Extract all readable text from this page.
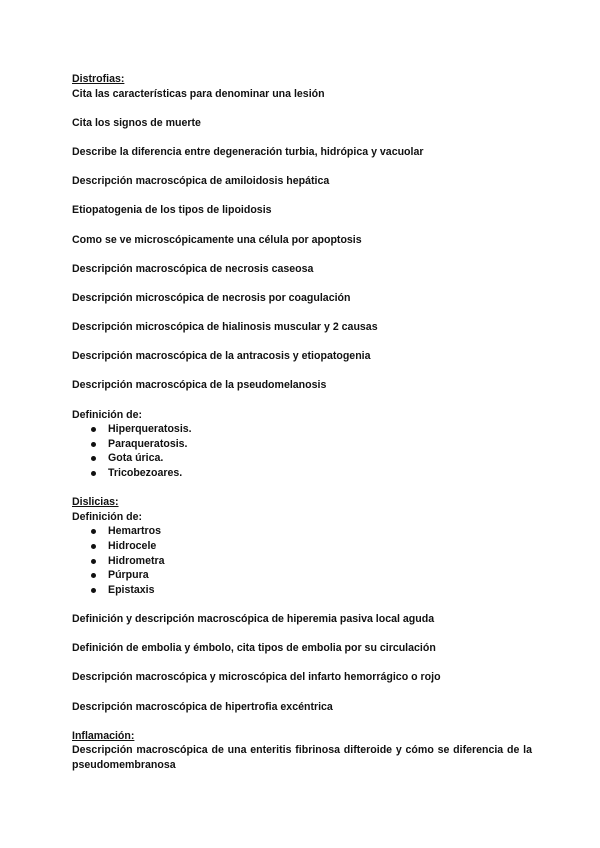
Distrofias:

Cita las características para denominar una lesión

Cita los signos de muerte

Describe la diferencia entre degeneración turbia, hidrópica y vacuolar

Descripción macroscópica de amiloidosis hepática

Etiopatogenia de los tipos de lipoidosis

Como se ve microscópicamente una célula por apoptosis

Descripción macroscópica de necrosis caseosa

Descripción microscópica de necrosis por coagulación

Descripción microscópica de hialinosis muscular y 2 causas

Descripción macroscópica de la antracosis y etiopatogenia

Descripción macroscópica de la pseudomelanosis

Definición de:

Hiperqueratosis.
Paraqueratosis.
Gota úrica.
Tricobezoares.

Dislicias:

Definición de:

Hemartros
Hidrocele
Hidrometra
Púrpura
Epistaxis

Definición y descripción macroscópica de hiperemia pasiva local aguda

Definición de embolia y émbolo, cita tipos de embolia por su circulación

Descripción macroscópica y microscópica del infarto hemorrágico o rojo

Descripción macroscópica de hipertrofia excéntrica

Inflamación:

Descripción macroscópica de una enteritis fibrinosa difteroide y cómo se diferencia de la pseudomembranosa
